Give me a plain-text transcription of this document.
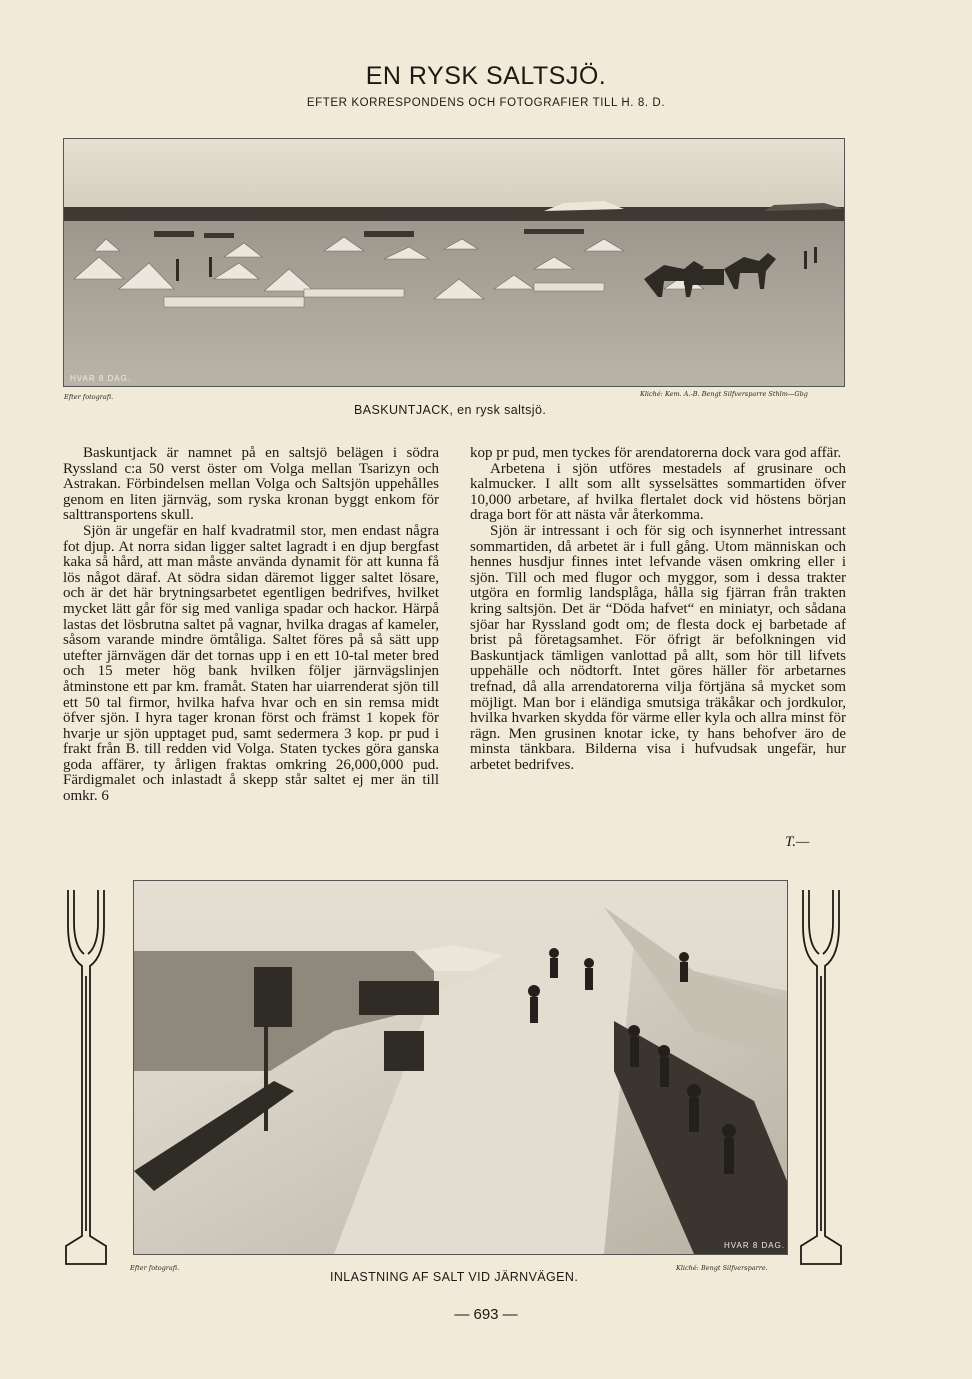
EN RYSK SALTSJÖ.
EFTER KORRESPONDENS OCH FOTOGRAFIER TILL H. 8. D.
HVAR 8 DAG.
Efter fotografi.
BASKUNTJACK, en rysk saltsjö.
Kliché: Kem. A.-B. Bengt Silfversparre Sthlm—Gbg

Baskuntjack är namnet på en saltsjö belägen i södra Ryssland c:a 50 verst öster om Volga mellan Tsarizyn och Astrakan. Förbindelsen mellan Volga och Saltsjön uppehålles genom en liten järnväg, som ryska kronan byggt enkom för salttransportens skull.

Sjön är ungefär en half kvadratmil stor, men endast några fot djup. At norra sidan ligger saltet lagradt i en djup bergfast kaka så hård, att man måste använda dynamit för att kunna få lös något däraf. At södra sidan däremot ligger saltet lösare, och är det här brytningsarbetet egentligen bedrifves, hvilket mycket lätt går för sig med vanliga spadar och hackor. Härpå lastas det lösbrutna saltet på vagnar, hvilka dragas af kameler, såsom varande mindre ömtåliga. Saltet föres på så sätt upp utefter järnvägen där det tornas upp i en ett 10-tal meter bred och 15 meter hög bank hvilken följer järnvägslinjen åtminstone ett par km. framåt. Staten har uiarrenderat sjön till ett 50 tal firmor, hvilka hafva hvar och en sin remsa midt öfver sjön. I hyra tager kronan först och främst 1 kopek för hvarje ur sjön upptaget pud, samt sedermera 3 kop. pr pud i frakt från B. till redden vid Volga. Staten tyckes göra ganska goda affärer, ty årligen fraktas omkring 26,000,000 pud. Färdigmalet och inlastadt å skepp står saltet ej mer än till omkr. 6

kop pr pud, men tyckes för arendatorerna dock vara god affär.

Arbetena i sjön utföres mestadels af grusinare och kalmucker. I allt som allt sysselsättes sommartiden öfver 10,000 arbetare, af hvilka flertalet dock vid höstens början draga bort för att nästa vår återkomma.

Sjön är intressant i och för sig och isynnerhet intressant sommartiden, då arbetet är i full gång. Utom människan och hennes husdjur finnes intet lefvande väsen omkring eller i sjön. Till och med flugor och myggor, som i dessa trakter utgöra en formlig landsplåga, hålla sig fjärran från trakten kring saltsjön. Det är “Döda hafvet“ en miniatyr, och sådana sjöar har Ryssland godt om; de flesta dock ej barbetade af brist på företagsamhet. För öfrigt är befolkningen vid Baskuntjack tämligen vanlottad på allt, som hör till lifvets uppehälle och nödtorft. Intet göres häller för arbetarnes trefnad, då alla arrendatorerna vilja förtjäna så mycket som möjligt. Man bor i eländiga smutsiga träkåkar och jordkulor, hvilka hvarken skydda för värme eller kyla och allra minst för rägn. Men grusinen knotar icke, ty hans behofver äro de minsta tänkbara. Bilderna visa i hufvudsak ungefär, hur arbetet bedrifves.

T.—
HVAR 8 DAG.
Efter fotografi.
INLASTNING AF SALT VID JÄRNVÄGEN.
Kliché: Bengt Silfversparre.
— 693 —
